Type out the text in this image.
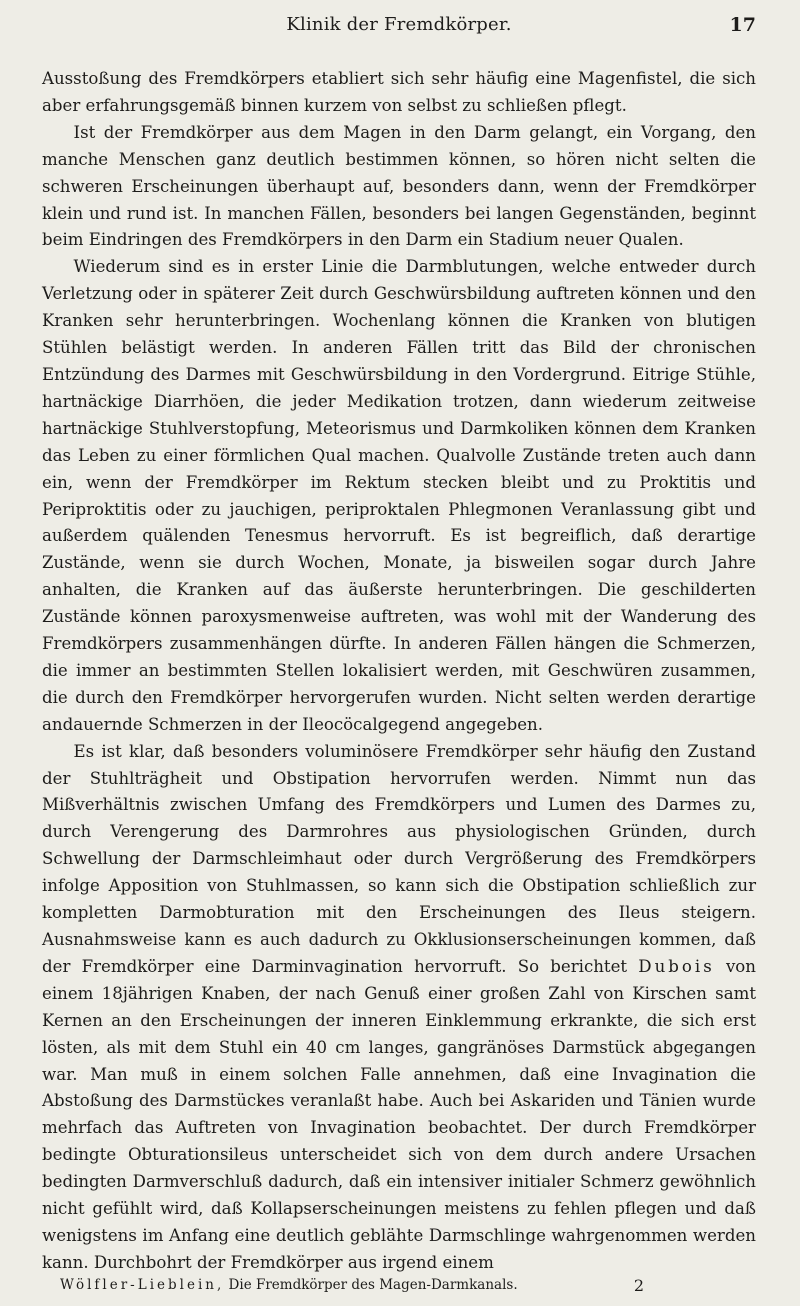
Klinik der Fremdkörper.	17

Ausstoßung des Fremdkörpers etabliert sich sehr häufig eine Magenfistel, die sich aber erfahrungsgemäß binnen kurzem von selbst zu schließen pflegt.

Ist der Fremdkörper aus dem Magen in den Darm gelangt, ein Vorgang, den manche Menschen ganz deutlich bestimmen können, so hören nicht selten die schweren Erscheinungen überhaupt auf, besonders dann, wenn der Fremdkörper klein und rund ist. In manchen Fällen, besonders bei langen Gegenständen, beginnt beim Eindringen des Fremdkörpers in den Darm ein Stadium neuer Qualen.

Wiederum sind es in erster Linie die Darmblutungen, welche entweder durch Verletzung oder in späterer Zeit durch Geschwürsbildung auftreten können und den Kranken sehr herunterbringen. Wochenlang können die Kranken von blutigen Stühlen belästigt werden. In anderen Fällen tritt das Bild der chronischen Entzündung des Darmes mit Geschwürsbildung in den Vordergrund. Eitrige Stühle, hartnäckige Diarrhöen, die jeder Medikation trotzen, dann wiederum zeitweise hartnäckige Stuhlverstopfung, Meteorismus und Darmkoliken können dem Kranken das Leben zu einer förmlichen Qual machen. Qualvolle Zustände treten auch dann ein, wenn der Fremdkörper im Rektum stecken bleibt und zu Proktitis und Periproktitis oder zu jauchigen, periproktalen Phlegmonen Veranlassung gibt und außerdem quälenden Tenesmus hervorruft. Es ist begreiflich, daß derartige Zustände, wenn sie durch Wochen, Monate, ja bisweilen sogar durch Jahre anhalten, die Kranken auf das äußerste herunterbringen. Die geschilderten Zustände können paroxysmenweise auftreten, was wohl mit der Wanderung des Fremdkörpers zusammenhängen dürfte. In anderen Fällen hängen die Schmerzen, die immer an bestimmten Stellen lokalisiert werden, mit Geschwüren zusammen, die durch den Fremdkörper hervorgerufen wurden. Nicht selten werden derartige andauernde Schmerzen in der Ileocöcalgegend angegeben.

Es ist klar, daß besonders voluminösere Fremdkörper sehr häufig den Zustand der Stuhlträgheit und Obstipation hervorrufen werden. Nimmt nun das Mißverhältnis zwischen Umfang des Fremdkörpers und Lumen des Darmes zu, durch Verengerung des Darmrohres aus physiologischen Gründen, durch Schwellung der Darmschleimhaut oder durch Vergrößerung des Fremdkörpers infolge Apposition von Stuhlmassen, so kann sich die Obstipation schließlich zur kompletten Darmobturation mit den Erscheinungen des Ileus steigern. Ausnahmsweise kann es auch dadurch zu Okklusionserscheinungen kommen, daß der Fremdkörper eine Darminvagination hervorruft. So berichtet Dubois von einem 18jährigen Knaben, der nach Genuß einer großen Zahl von Kirschen samt Kernen an den Erscheinungen der inneren Einklemmung erkrankte, die sich erst lösten, als mit dem Stuhl ein 40 cm langes, gangränöses Darmstück abgegangen war. Man muß in einem solchen Falle annehmen, daß eine Invagination die Abstoßung des Darmstückes veranlaßt habe. Auch bei Askariden und Tänien wurde mehrfach das Auftreten von Invagination beobachtet. Der durch Fremdkörper bedingte Obturationsileus unterscheidet sich von dem durch andere Ursachen bedingten Darmverschluß dadurch, daß ein intensiver initialer Schmerz gewöhnlich nicht gefühlt wird, daß Kollapserscheinungen meistens zu fehlen pflegen und daß wenigstens im Anfang eine deutlich geblähte Darmschlinge wahrgenommen werden kann. Durchbohrt der Fremdkörper aus irgend einem

Wölfler-Lieblein, Die Fremdkörper des Magen-Darmkanals.	2
